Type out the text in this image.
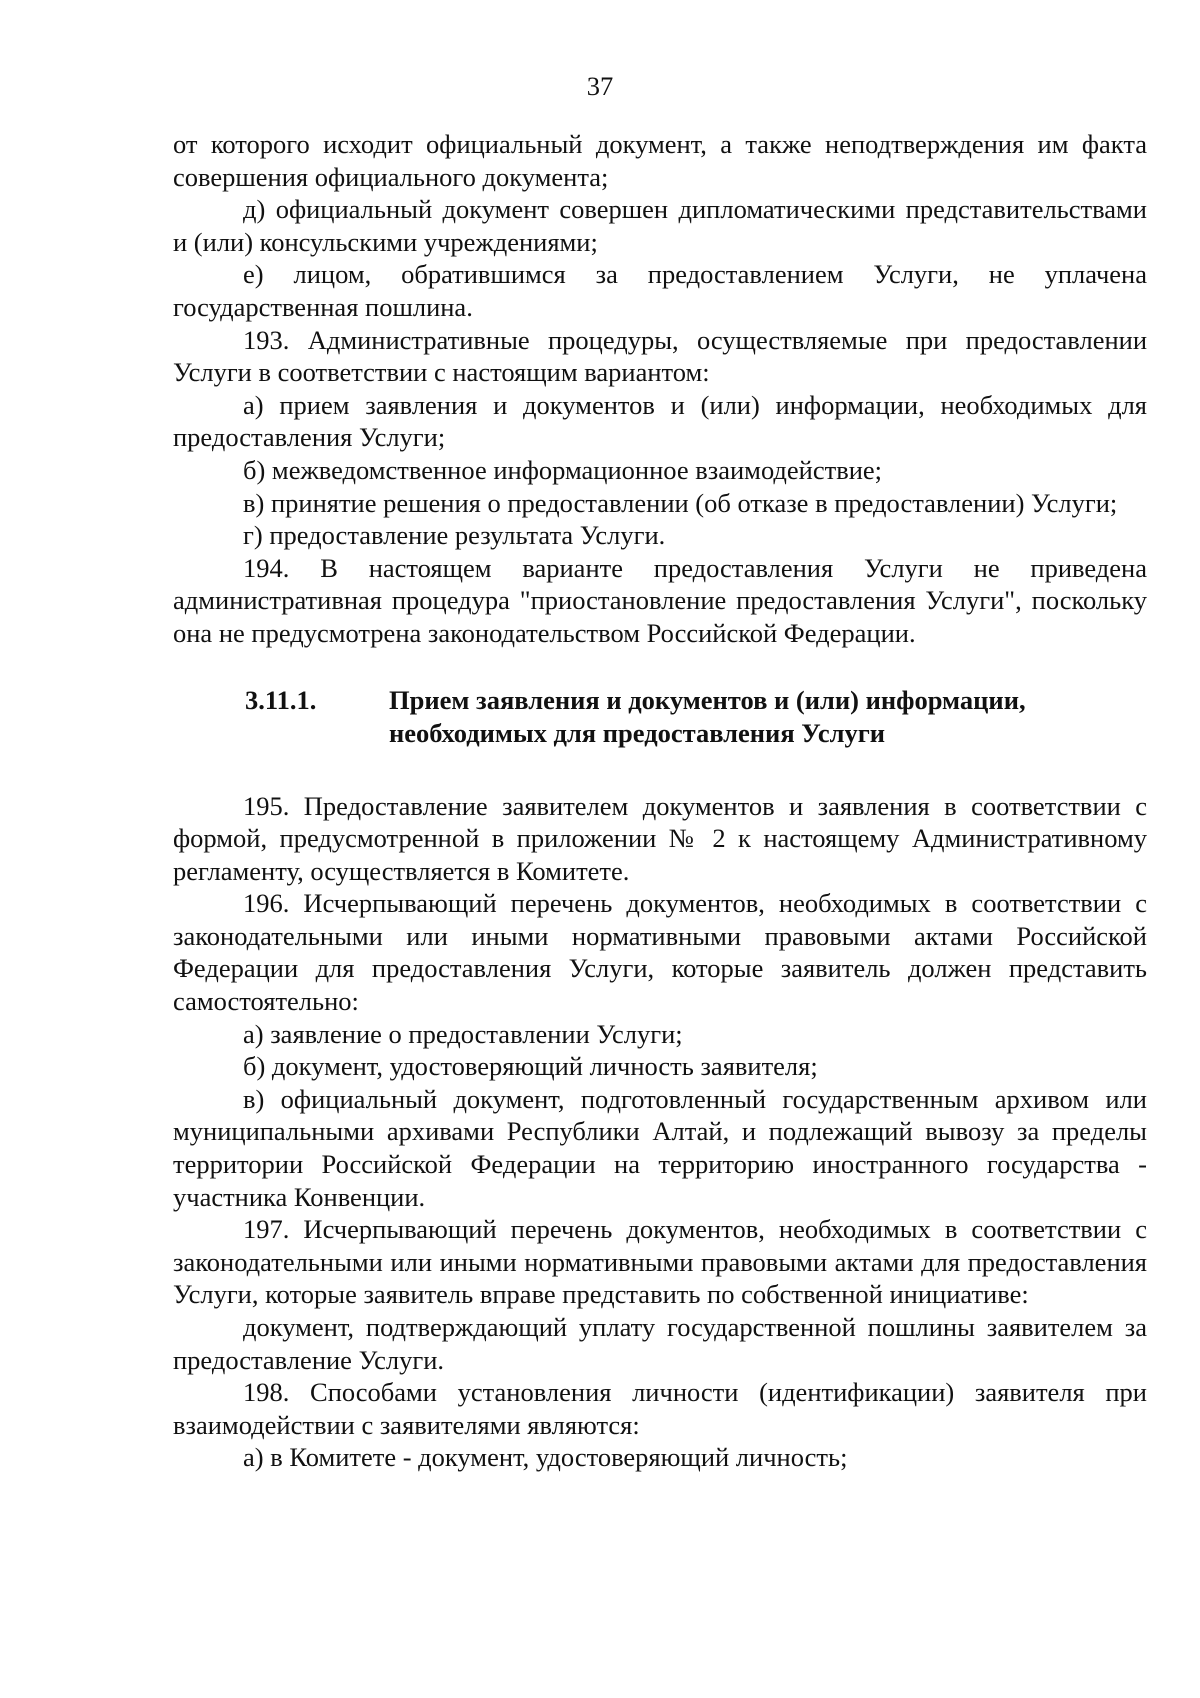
37

от которого исходит официальный документ, а также неподтверждения им факта совершения официального документа;

д) официальный документ совершен дипломатическими представительствами и (или) консульскими учреждениями;

е) лицом, обратившимся за предоставлением Услуги, не уплачена государственная пошлина.

193. Административные процедуры, осуществляемые при предоставлении Услуги в соответствии с настоящим вариантом:

а) прием заявления и документов и (или) информации, необходимых для предоставления Услуги;

б) межведомственное информационное взаимодействие;

в) принятие решения о предоставлении (об отказе в предоставлении) Услуги;

г) предоставление результата Услуги.

194. В настоящем варианте предоставления Услуги не приведена административная процедура "приостановление предоставления Услуги", поскольку она не предусмотрена законодательством Российской Федерации.

3.11.1.	Прием заявления и документов и (или) информации,
необходимых для предоставления Услуги

195. Предоставление заявителем документов и заявления в соответствии с формой, предусмотренной в приложении № 2 к настоящему Административному регламенту, осуществляется в Комитете.

196. Исчерпывающий перечень документов, необходимых в соответствии с законодательными или иными нормативными правовыми актами Российской Федерации для предоставления Услуги, которые заявитель должен представить самостоятельно:

а) заявление о предоставлении Услуги;

б) документ, удостоверяющий личность заявителя;

в) официальный документ, подготовленный государственным архивом или муниципальными архивами Республики Алтай, и подлежащий вывозу за пределы территории Российской Федерации на территорию иностранного государства - участника Конвенции.

197. Исчерпывающий перечень документов, необходимых в соответствии с законодательными или иными нормативными правовыми актами для предоставления Услуги, которые заявитель вправе представить по собственной инициативе:

документ, подтверждающий уплату государственной пошлины заявителем за предоставление Услуги.

198. Способами установления личности (идентификации) заявителя при взаимодействии с заявителями являются:

а) в Комитете - документ, удостоверяющий личность;
